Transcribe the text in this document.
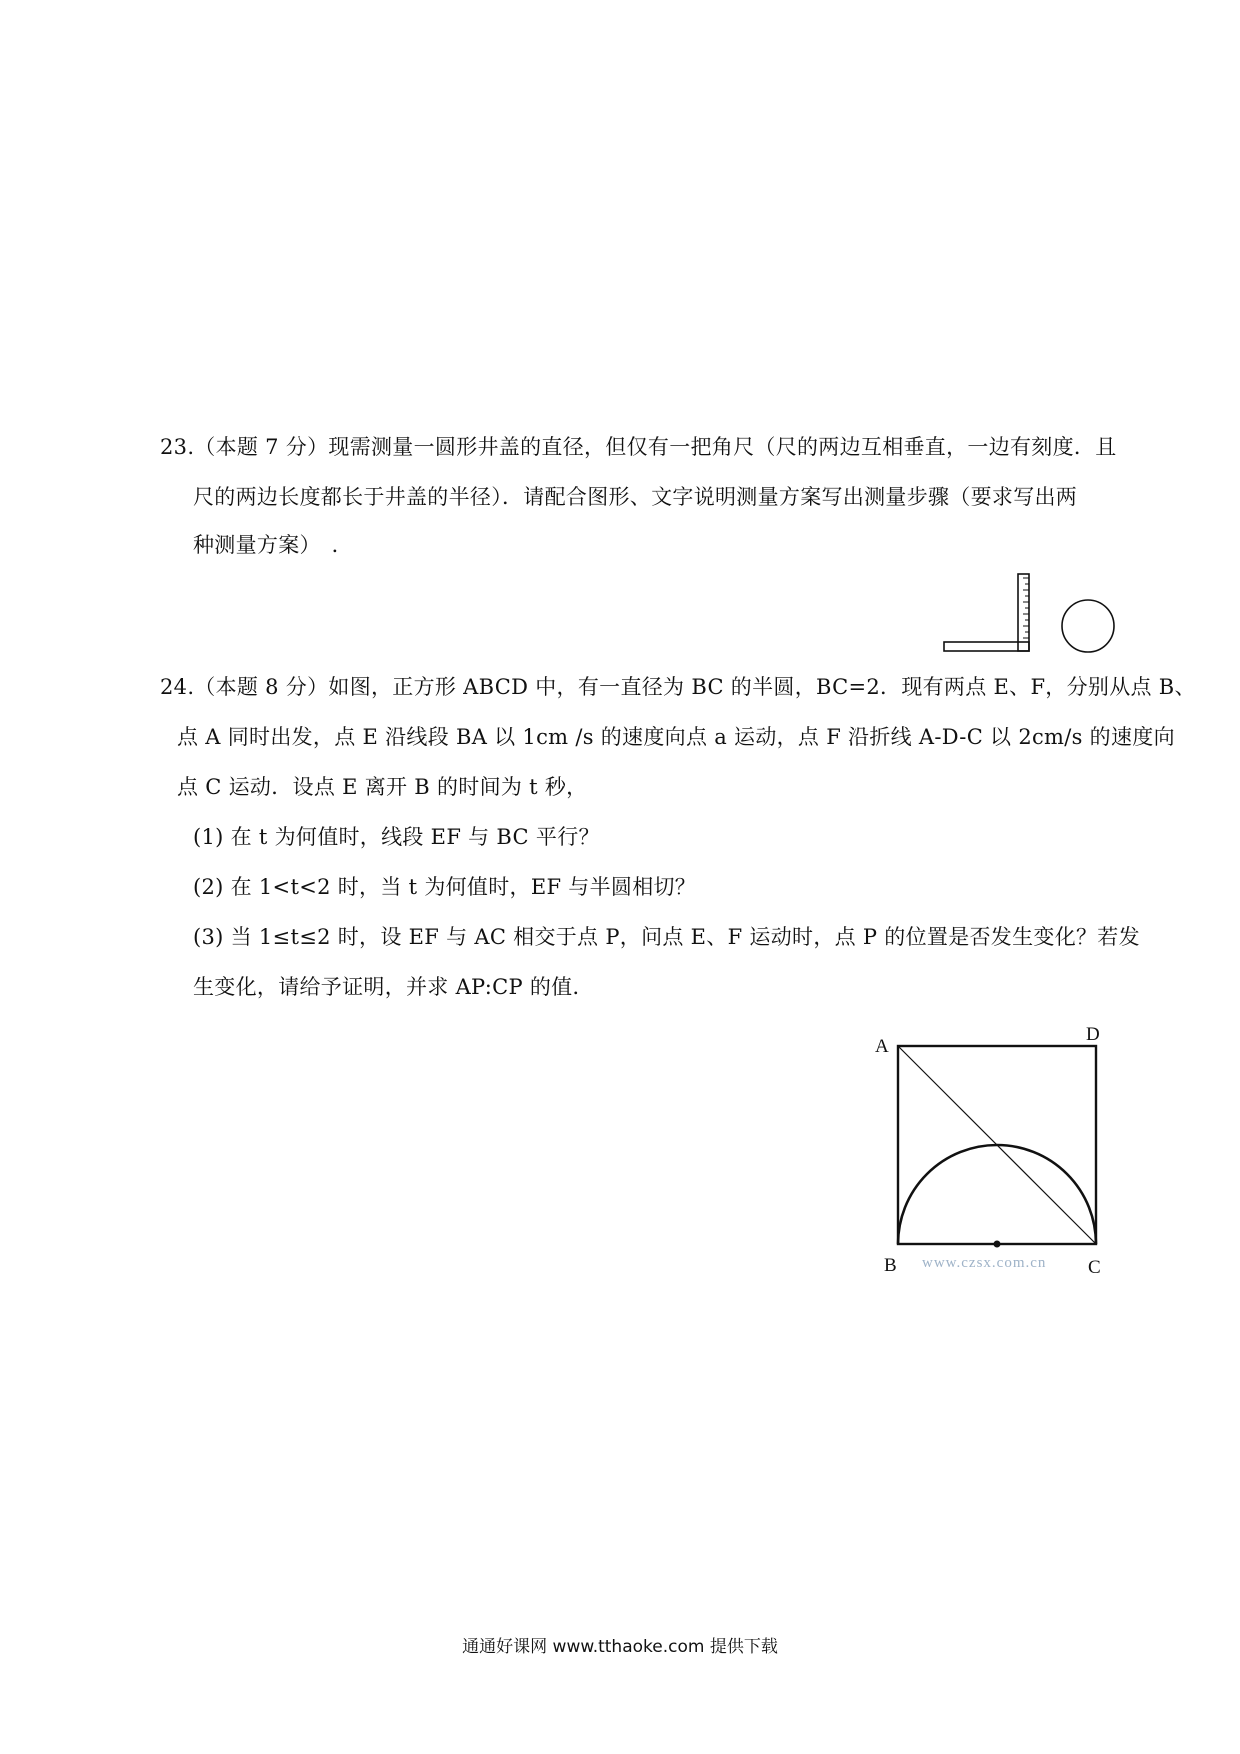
23.（本题 7 分）现需测量一圆形井盖的直径，但仅有一把角尺（尺的两边互相垂直，一边有刻度．且
尺的两边长度都长于井盖的半径）．请配合图形、文字说明测量方案写出测量步骤（要求写出两
种测量方案）　．
24.（本题 8 分）如图，正方形 ABCD 中，有一直径为 BC 的半圆，BC=2．现有两点 E、F，分别从点 B、
点 A 同时出发，点 E 沿线段 BA 以 1cm /s 的速度向点 a 运动，点 F 沿折线 A-D-C 以 2cm/s 的速度向
点 C 运动．设点 E 离开 B 的时间为 t 秒，
(1) 在 t 为何值时，线段 EF 与 BC 平行？
(2) 在 1<t<2 时，当 t 为何值时，EF 与半圆相切？
(3) 当 1≤t≤2 时，设 EF 与 AC 相交于点 P，问点 E、F 运动时，点 P 的位置是否发生变化？若发
生变化，请给予证明，并求 AP:CP 的值．
A
D
B	C
www.czsx.com.cn
通通好课网 www.tthaoke.com 提供下载
